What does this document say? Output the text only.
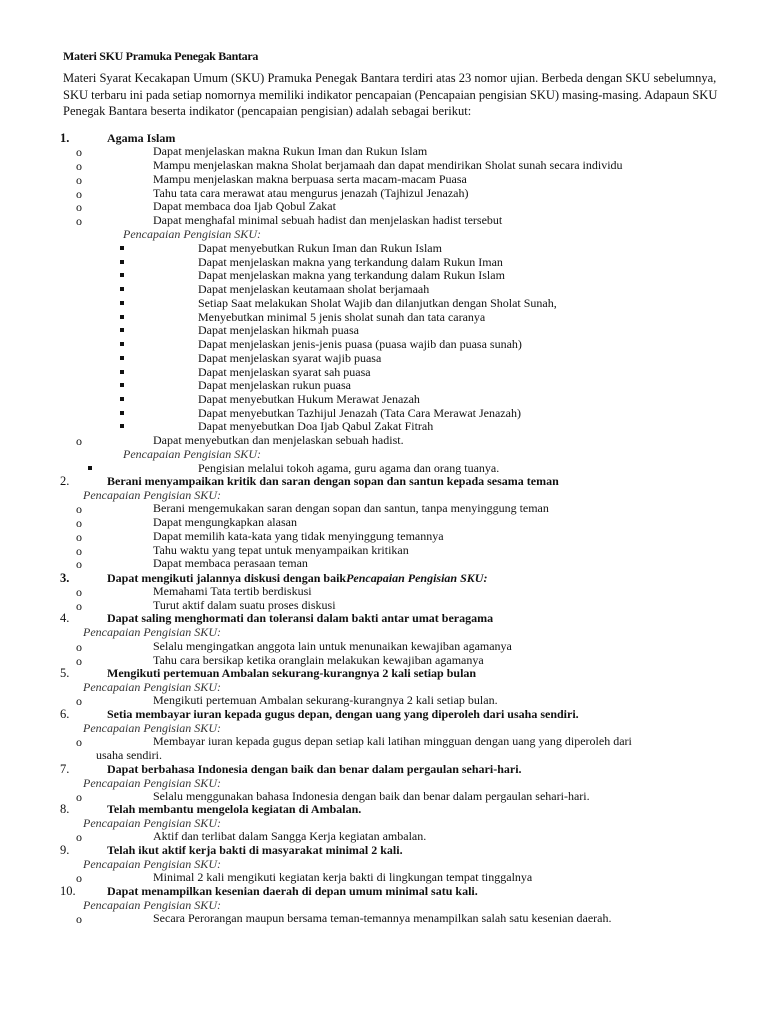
Materi SKU Pramuka Penegak Bantara
Materi Syarat Kecakapan Umum (SKU) Pramuka Penegak Bantara terdiri atas 23 nomor ujian. Berbeda dengan SKU sebelumnya, SKU terbaru ini pada setiap nomornya memiliki indikator pencapaian (Pencapaian pengisian SKU) masing-masing. Adapaun SKU Penegak Bantara beserta indikator (pencapaian pengisian) adalah sebagai berikut:
1.	Agama Islam
o	Dapat menjelaskan makna Rukun Iman dan Rukun Islam
o	Mampu menjelaskan makna Sholat berjamaah dan dapat mendirikan Sholat sunah secara individu
o	Mampu menjelaskan makna berpuasa serta macam-macam Puasa
o	Tahu tata cara merawat atau mengurus jenazah (Tajhizul Jenazah)
o	Dapat membaca doa Ijab Qobul Zakat
o	Dapat menghafal minimal sebuah hadist dan menjelaskan hadist tersebut
Pencapaian Pengisian SKU:
Dapat menyebutkan Rukun Iman dan Rukun Islam
Dapat menjelaskan makna yang terkandung dalam Rukun Iman
Dapat menjelaskan makna yang terkandung dalam Rukun Islam
Dapat menjelaskan keutamaan sholat berjamaah
Setiap Saat melakukan Sholat Wajib dan dilanjutkan dengan Sholat Sunah,
Menyebutkan minimal 5 jenis sholat sunah dan tata caranya
Dapat menjelaskan hikmah puasa
Dapat menjelaskan jenis-jenis puasa (puasa wajib dan puasa sunah)
Dapat menjelaskan syarat wajib puasa
Dapat menjelaskan syarat sah puasa
Dapat menjelaskan rukun puasa
Dapat menyebutkan Hukum Merawat Jenazah
Dapat menyebutkan Tazhijul Jenazah (Tata Cara Merawat Jenazah)
Dapat menyebutkan Doa Ijab Qabul Zakat Fitrah
o	Dapat menyebutkan dan menjelaskan sebuah hadist.
Pencapaian Pengisian SKU:
Pengisian melalui tokoh agama, guru agama dan orang tuanya.
2.	Berani menyampaikan kritik dan saran dengan sopan dan santun kepada sesama teman
Pencapaian Pengisian SKU:
o	Berani mengemukakan saran dengan sopan dan santun, tanpa menyinggung teman
o	Dapat mengungkapkan alasan
o	Dapat memilih kata-kata yang tidak menyinggung temannya
o	Tahu waktu yang tepat untuk menyampaikan kritikan
o	Dapat membaca perasaan teman
3.	Dapat mengikuti jalannya diskusi dengan baikPencapaian Pengisian SKU:
o	Memahami Tata tertib berdiskusi
o	Turut aktif dalam suatu proses diskusi
4.	Dapat saling menghormati dan toleransi dalam bakti antar umat beragama
Pencapaian Pengisian SKU:
o	Selalu mengingatkan anggota lain untuk menunaikan kewajiban agamanya
o	Tahu cara bersikap ketika oranglain melakukan kewajiban agamanya
5.	Mengikuti pertemuan Ambalan sekurang-kurangnya 2 kali setiap bulan
Pencapaian Pengisian SKU:
o	Mengikuti pertemuan Ambalan sekurang-kurangnya 2 kali setiap bulan.
6.	Setia membayar iuran kepada gugus depan, dengan uang yang diperoleh dari usaha sendiri.
Pencapaian Pengisian SKU:
o	Membayar iuran kepada gugus depan setiap kali latihan mingguan dengan uang yang diperoleh dari
usaha sendiri.
7.	Dapat berbahasa Indonesia dengan baik dan benar dalam pergaulan sehari-hari.
Pencapaian Pengisian SKU:
o	Selalu menggunakan bahasa Indonesia dengan baik dan benar dalam pergaulan sehari-hari.
8.	Telah membantu mengelola kegiatan di Ambalan.
Pencapaian Pengisian SKU:
o	Aktif dan terlibat dalam Sangga Kerja kegiatan ambalan.
9.	Telah ikut aktif kerja bakti di masyarakat minimal 2 kali.
Pencapaian Pengisian SKU:
o	Minimal 2 kali mengikuti kegiatan kerja bakti di lingkungan tempat tinggalnya
10.	Dapat menampilkan kesenian daerah di depan umum minimal satu kali.
Pencapaian Pengisian SKU:
o	Secara Perorangan maupun bersama teman-temannya menampilkan salah satu kesenian daerah.
